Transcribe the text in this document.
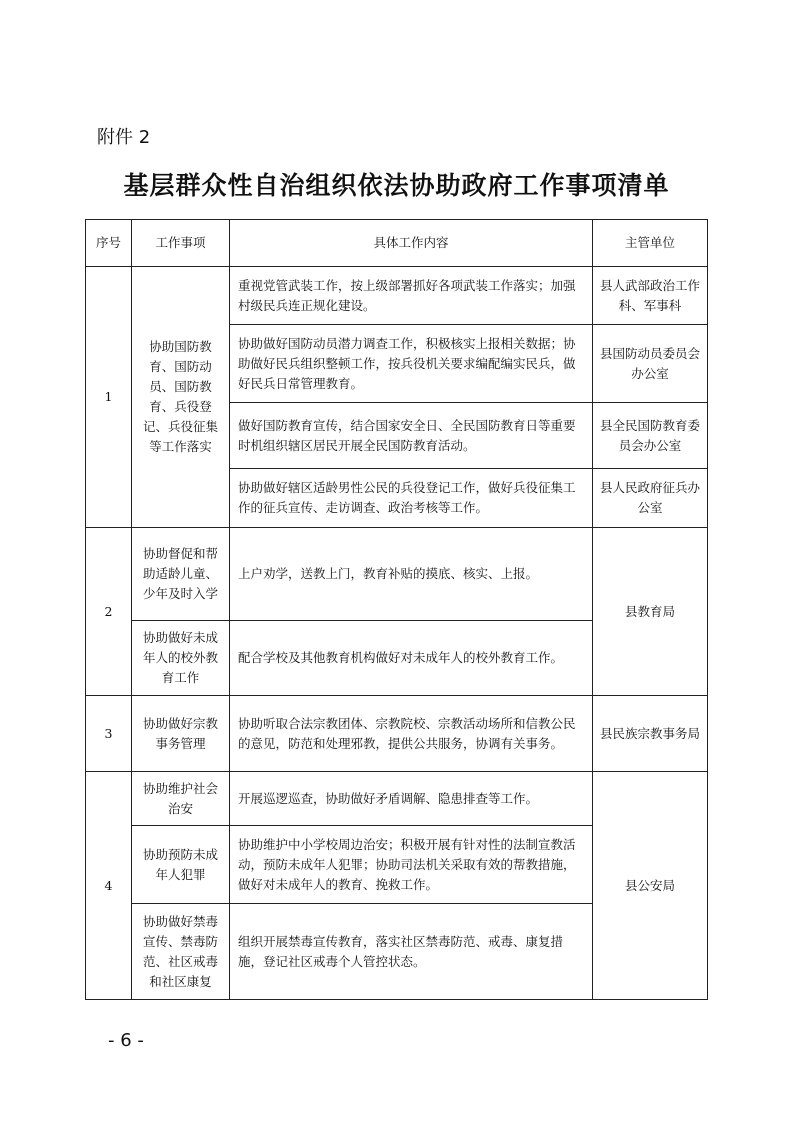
附件 2
基层群众性自治组织依法协助政府工作事项清单
序号	工作事项	具体工作内容	主管单位
1	协助国防教育、国防动员、国防教育、兵役登记、兵役征集等工作落实	重视党管武装工作，按上级部署抓好各项武装工作落实；加强村级民兵连正规化建设。	县人武部政治工作科、军事科
		协助做好国防动员潜力调查工作，积极核实上报相关数据；协助做好民兵组织整顿工作，按兵役机关要求编配编实民兵，做好民兵日常管理教育。	县国防动员委员会办公室
		做好国防教育宣传，结合国家安全日、全民国防教育日等重要时机组织辖区居民开展全民国防教育活动。	县全民国防教育委员会办公室
		协助做好辖区适龄男性公民的兵役登记工作，做好兵役征集工作的征兵宣传、走访调查、政治考核等工作。	县人民政府征兵办公室
2	协助督促和帮助适龄儿童、少年及时入学	上户劝学，送教上门，教育补贴的摸底、核实、上报。	县教育局
	协助做好未成年人的校外教育工作	配合学校及其他教育机构做好对未成年人的校外教育工作。	
3	协助做好宗教事务管理	协助听取合法宗教团体、宗教院校、宗教活动场所和信教公民的意见，防范和处理邪教，提供公共服务，协调有关事务。	县民族宗教事务局
4	协助维护社会治安	开展巡逻巡查，协助做好矛盾调解、隐患排查等工作。	县公安局
	协助预防未成年人犯罪	协助维护中小学校周边治安；积极开展有针对性的法制宣教活动，预防未成年人犯罪；协助司法机关采取有效的帮教措施，做好对未成年人的教育、挽救工作。	
	协助做好禁毒宣传、禁毒防范、社区戒毒和社区康复	组织开展禁毒宣传教育，落实社区禁毒防范、戒毒、康复措施，登记社区戒毒个人管控状态。	
- 6 -
